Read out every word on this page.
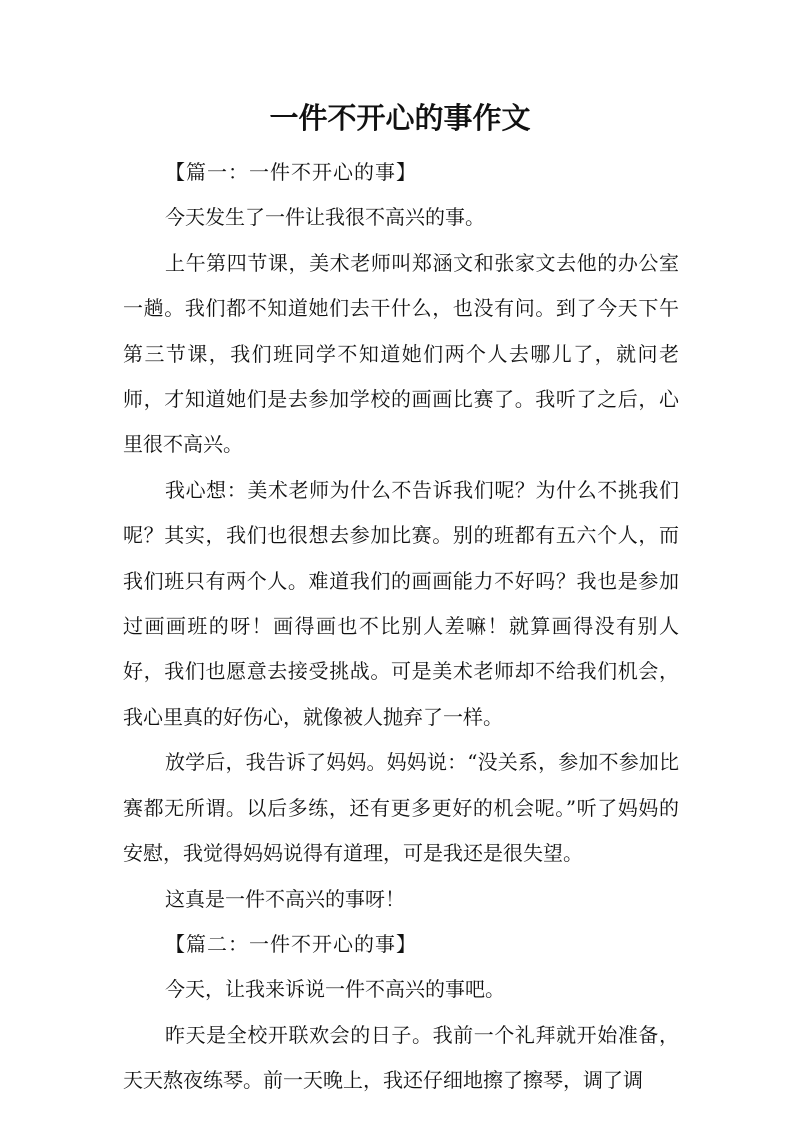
一件不开心的事作文

【篇一：一件不开心的事】

今天发生了一件让我很不高兴的事。

上午第四节课，美术老师叫郑涵文和张家文去他的办公室一趟。我们都不知道她们去干什么，也没有问。到了今天下午第三节课，我们班同学不知道她们两个人去哪儿了，就问老师，才知道她们是去参加学校的画画比赛了。我听了之后，心里很不高兴。

我心想：美术老师为什么不告诉我们呢？为什么不挑我们呢？其实，我们也很想去参加比赛。别的班都有五六个人，而我们班只有两个人。难道我们的画画能力不好吗？我也是参加过画画班的呀！画得画也不比别人差嘛！就算画得没有别人好，我们也愿意去接受挑战。可是美术老师却不给我们机会，我心里真的好伤心，就像被人抛弃了一样。

放学后，我告诉了妈妈。妈妈说：“没关系，参加不参加比赛都无所谓。以后多练，还有更多更好的机会呢。”听了妈妈的安慰，我觉得妈妈说得有道理，可是我还是很失望。

这真是一件不高兴的事呀！

【篇二：一件不开心的事】

今天，让我来诉说一件不高兴的事吧。

昨天是全校开联欢会的日子。我前一个礼拜就开始准备，天天熬夜练琴。前一天晚上，我还仔细地擦了擦琴，调了调
